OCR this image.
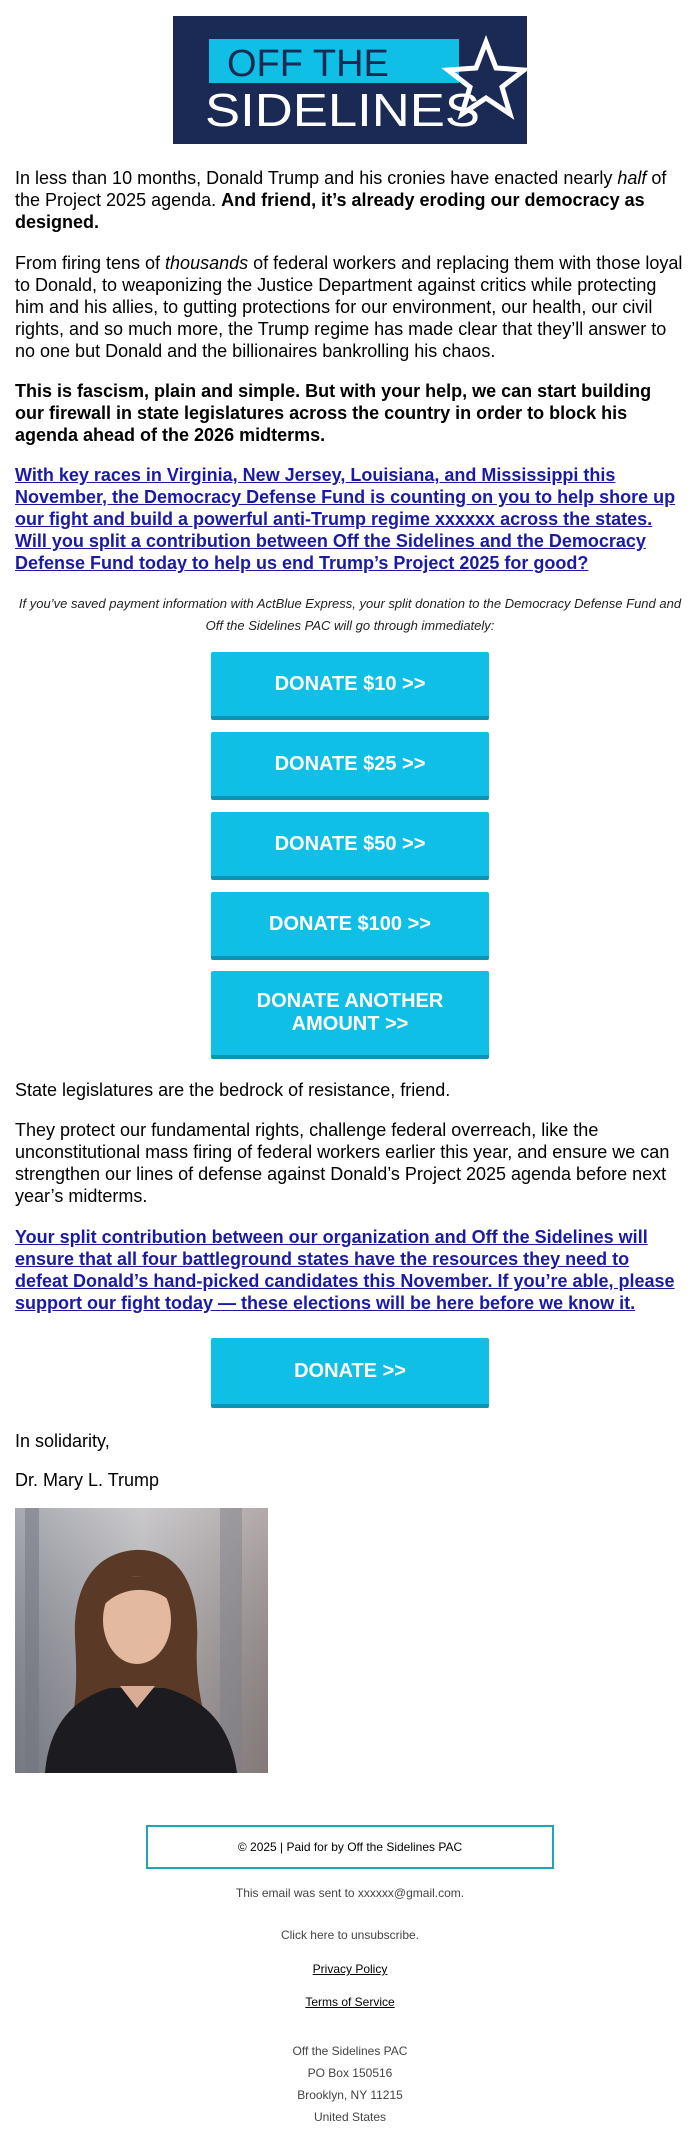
OFF THE
SIDELINES

In less than 10 months, Donald Trump and his cronies have enacted nearly half of the Project 2025 agenda. And friend, it’s already eroding our democracy as designed.

From firing tens of thousands of federal workers and replacing them with those loyal to Donald, to weaponizing the Justice Department against critics while protecting him and his allies, to gutting protections for our environment, our health, our civil rights, and so much more, the Trump regime has made clear that they’ll answer to no one but Donald and the billionaires bankrolling his chaos.

This is fascism, plain and simple. But with your help, we can start building our firewall in state legislatures across the country in order to block his agenda ahead of the 2026 midterms.

With key races in Virginia, New Jersey, Louisiana, and Mississippi this November, the Democracy Defense Fund is counting on you to help shore up our fight and build a powerful anti-Trump regime xxxxxx across the states. Will you split a contribution between Off the Sidelines and the Democracy Defense Fund today to help us end Trump’s Project 2025 for good?

If you’ve saved payment information with ActBlue Express, your split donation to the Democracy Defense Fund and Off the Sidelines PAC will go through immediately:

DONATE $10 >>
DONATE $25 >>
DONATE $50 >>
DONATE $100 >>
DONATE ANOTHER AMOUNT >>

State legislatures are the bedrock of resistance, friend.

They protect our fundamental rights, challenge federal overreach, like the unconstitutional mass firing of federal workers earlier this year, and ensure we can strengthen our lines of defense against Donald’s Project 2025 agenda before next year’s midterms.

Your split contribution between our organization and Off the Sidelines will ensure that all four battleground states have the resources they need to defeat Donald’s hand-picked candidates this November. If you’re able, please support our fight today — these elections will be here before we know it.

DONATE >>

In solidarity,

Dr. Mary L. Trump

© 2025 | Paid for by Off the Sidelines PAC

This email was sent to xxxxxx@gmail.com.

Click here to unsubscribe.

Privacy Policy

Terms of Service

Off the Sidelines PAC

PO Box 150516

Brooklyn, NY 11215

United States
